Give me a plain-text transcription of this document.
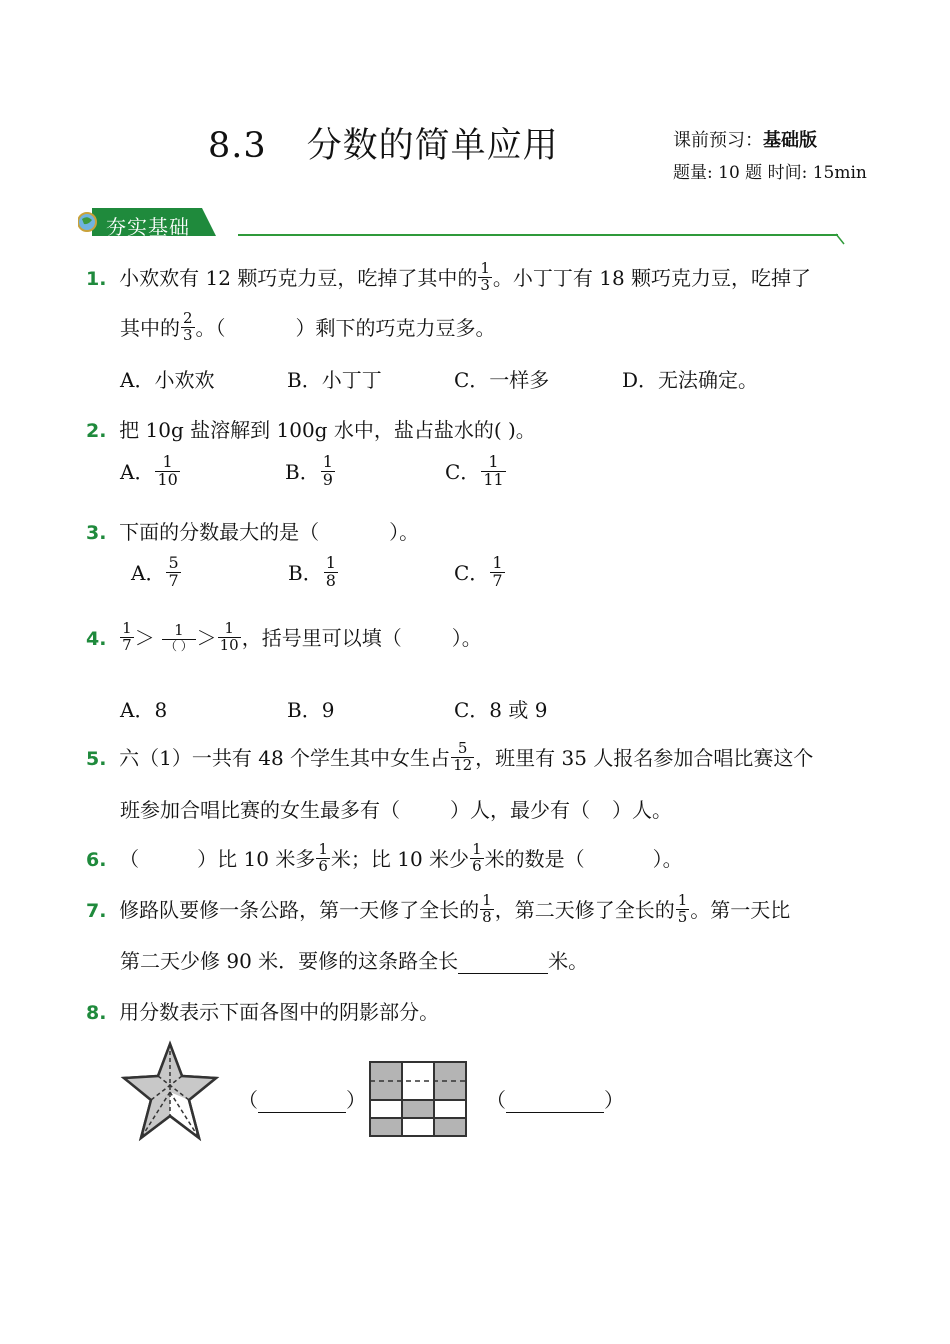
8.3 分数的简单应用	课前预习：基础版
题量: 10 题 时间: 15min
夯实基础
1. 小欢欢有 12 颗巧克力豆，吃掉了其中的 $\frac{1}{3}$ 。小丁丁有 18 颗巧克力豆，吃掉了
其中的 $\frac{2}{3}$ 。（	）剩下的巧克力豆多。
A．小欢欢	B．小丁丁	C．一样多	D．无法确定。
2. 把 10g 盐溶解到 100g 水中，盐占盐水的( )。
A． $\frac{1}{10}$	B． $\frac{1}{9}$	C． $\frac{1}{11}$
3. 下面的分数最大的是（	）。
A． $\frac{5}{7}$	B． $\frac{1}{8}$	C． $\frac{1}{7}$
4. $\frac{1}{7} > \frac{1}{( )} > \frac{1}{10}$ ，括号里可以填（	）。
A．8	B．9	C．8 或 9
5. 六（1）一共有 48 个学生其中女生占 $\frac{5}{12}$ ，班里有 35 人报名参加合唱比赛这个
班参加合唱比赛的女生最多有（	）人，最少有（ ）人。
6. （	）比 10 米多 $\frac{1}{6}$ 米；比 10 米少 $\frac{1}{6}$ 米的数是（	）。
7. 修路队要修一条公路，第一天修了全长的 $\frac{1}{8}$ ，第二天修了全长的 $\frac{1}{5}$ 。第一天比
第二天少修 90 米．要修的这条路全长	米。
8. 用分数表示下面各图中的阴影部分。
（	）	（	）
